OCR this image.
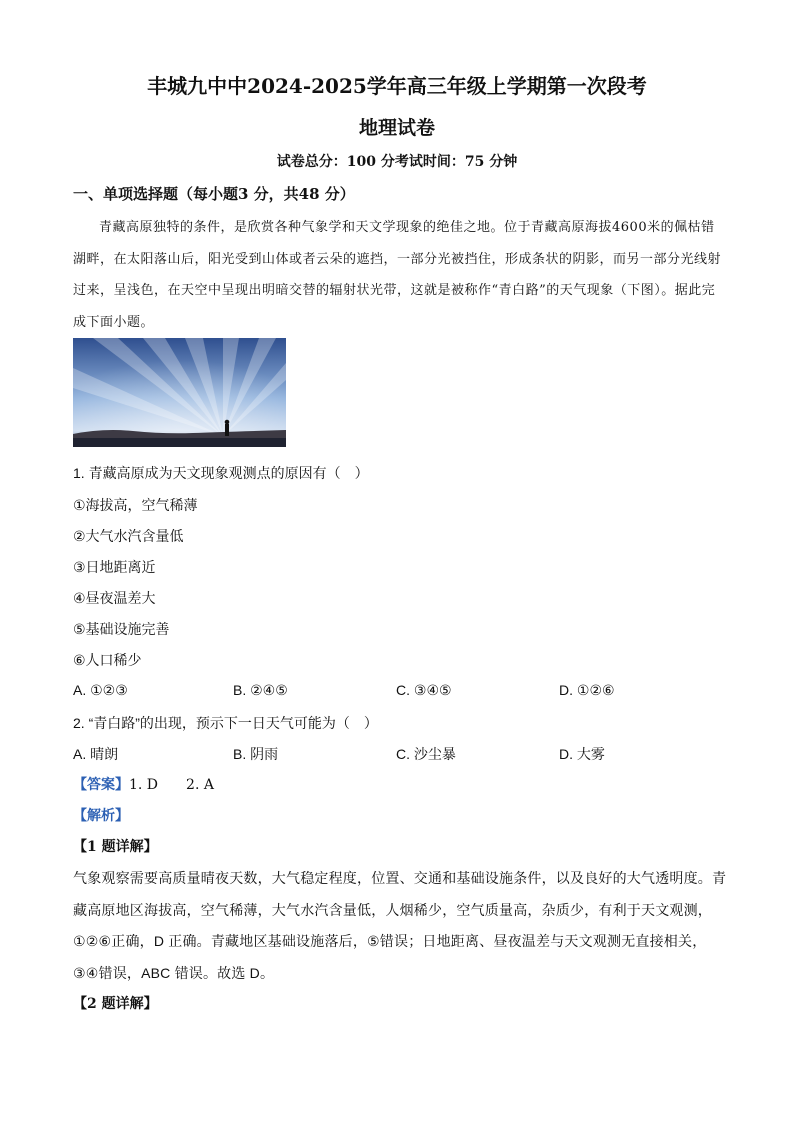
丰城九中中2024-2025学年高三年级上学期第一次段考
地理试卷
试卷总分：100 分考试时间：75 分钟
一、单项选择题（每小题3 分，共48 分）
青藏高原独特的条件，是欣赏各种气象学和天文学现象的绝佳之地。位于青藏高原海拔4600米的佩枯错湖畔，在太阳落山后，阳光受到山体或者云朵的遮挡，一部分光被挡住，形成条状的阴影，而另一部分光线射过来，呈浅色，在天空中呈现出明暗交替的辐射状光带，这就是被称作“青白路”的天气现象（下图）。据此完成下面小题。
1. 青藏高原成为天文现象观测点的原因有（　）
①海拔高，空气稀薄
②大气水汽含量低
③日地距离近
④昼夜温差大
⑤基础设施完善
⑥人口稀少
A. ①②③	B. ②④⑤	C. ③④⑤	D. ①②⑥
2. “青白路”的出现，预示下一日天气可能为（　）
A. 晴朗	B. 阴雨	C. 沙尘暴	D. 大雾
【答案】1. D　　2. A
【解析】
【1 题详解】

气象观察需要高质量晴夜天数，大气稳定程度，位置、交通和基础设施条件，以及良好的大气透明度。青

藏高原地区海拔高，空气稀薄，大气水汽含量低，人烟稀少，空气质量高，杂质少，有利于天文观测，

①②⑥正确，D 正确。青藏地区基础设施落后，⑤错误；日地距离、昼夜温差与天文观测无直接相关，

③④错误，ABC 错误。故选 D。

【2 题详解】
